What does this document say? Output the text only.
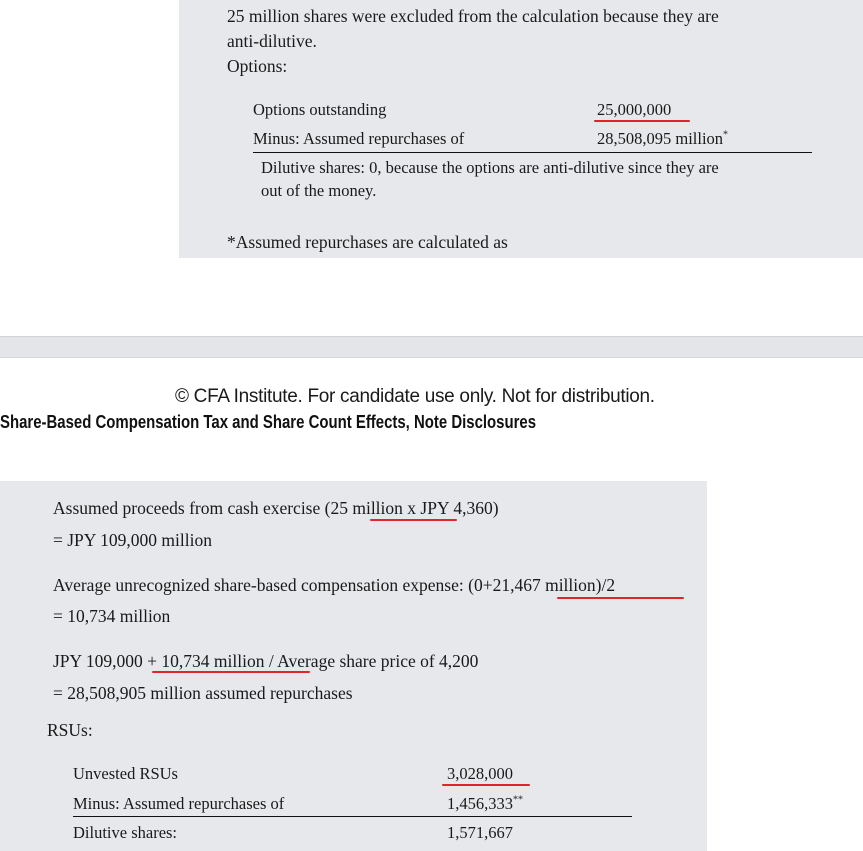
25 million shares were excluded from the calculation because they are
anti-dilutive.
Options:
Options outstanding	25,000,000
Minus: Assumed repurchases of	28,508,095 million*
Dilutive shares: 0, because the options are anti-dilutive since they are
out of the money.
*Assumed repurchases are calculated as
© CFA Institute. For candidate use only. Not for distribution.
Share-Based Compensation Tax and Share Count Effects, Note Disclosures
Assumed proceeds from cash exercise (25 million x JPY 4,360)
= JPY 109,000 million
Average unrecognized share-based compensation expense: (0+21,467 million)/2
= 10,734 million
JPY 109,000 + 10,734 million / Average share price of 4,200
= 28,508,905 million assumed repurchases
RSUs:
Unvested RSUs	3,028,000
Minus: Assumed repurchases of	1,456,333**
Dilutive shares:	1,571,667
